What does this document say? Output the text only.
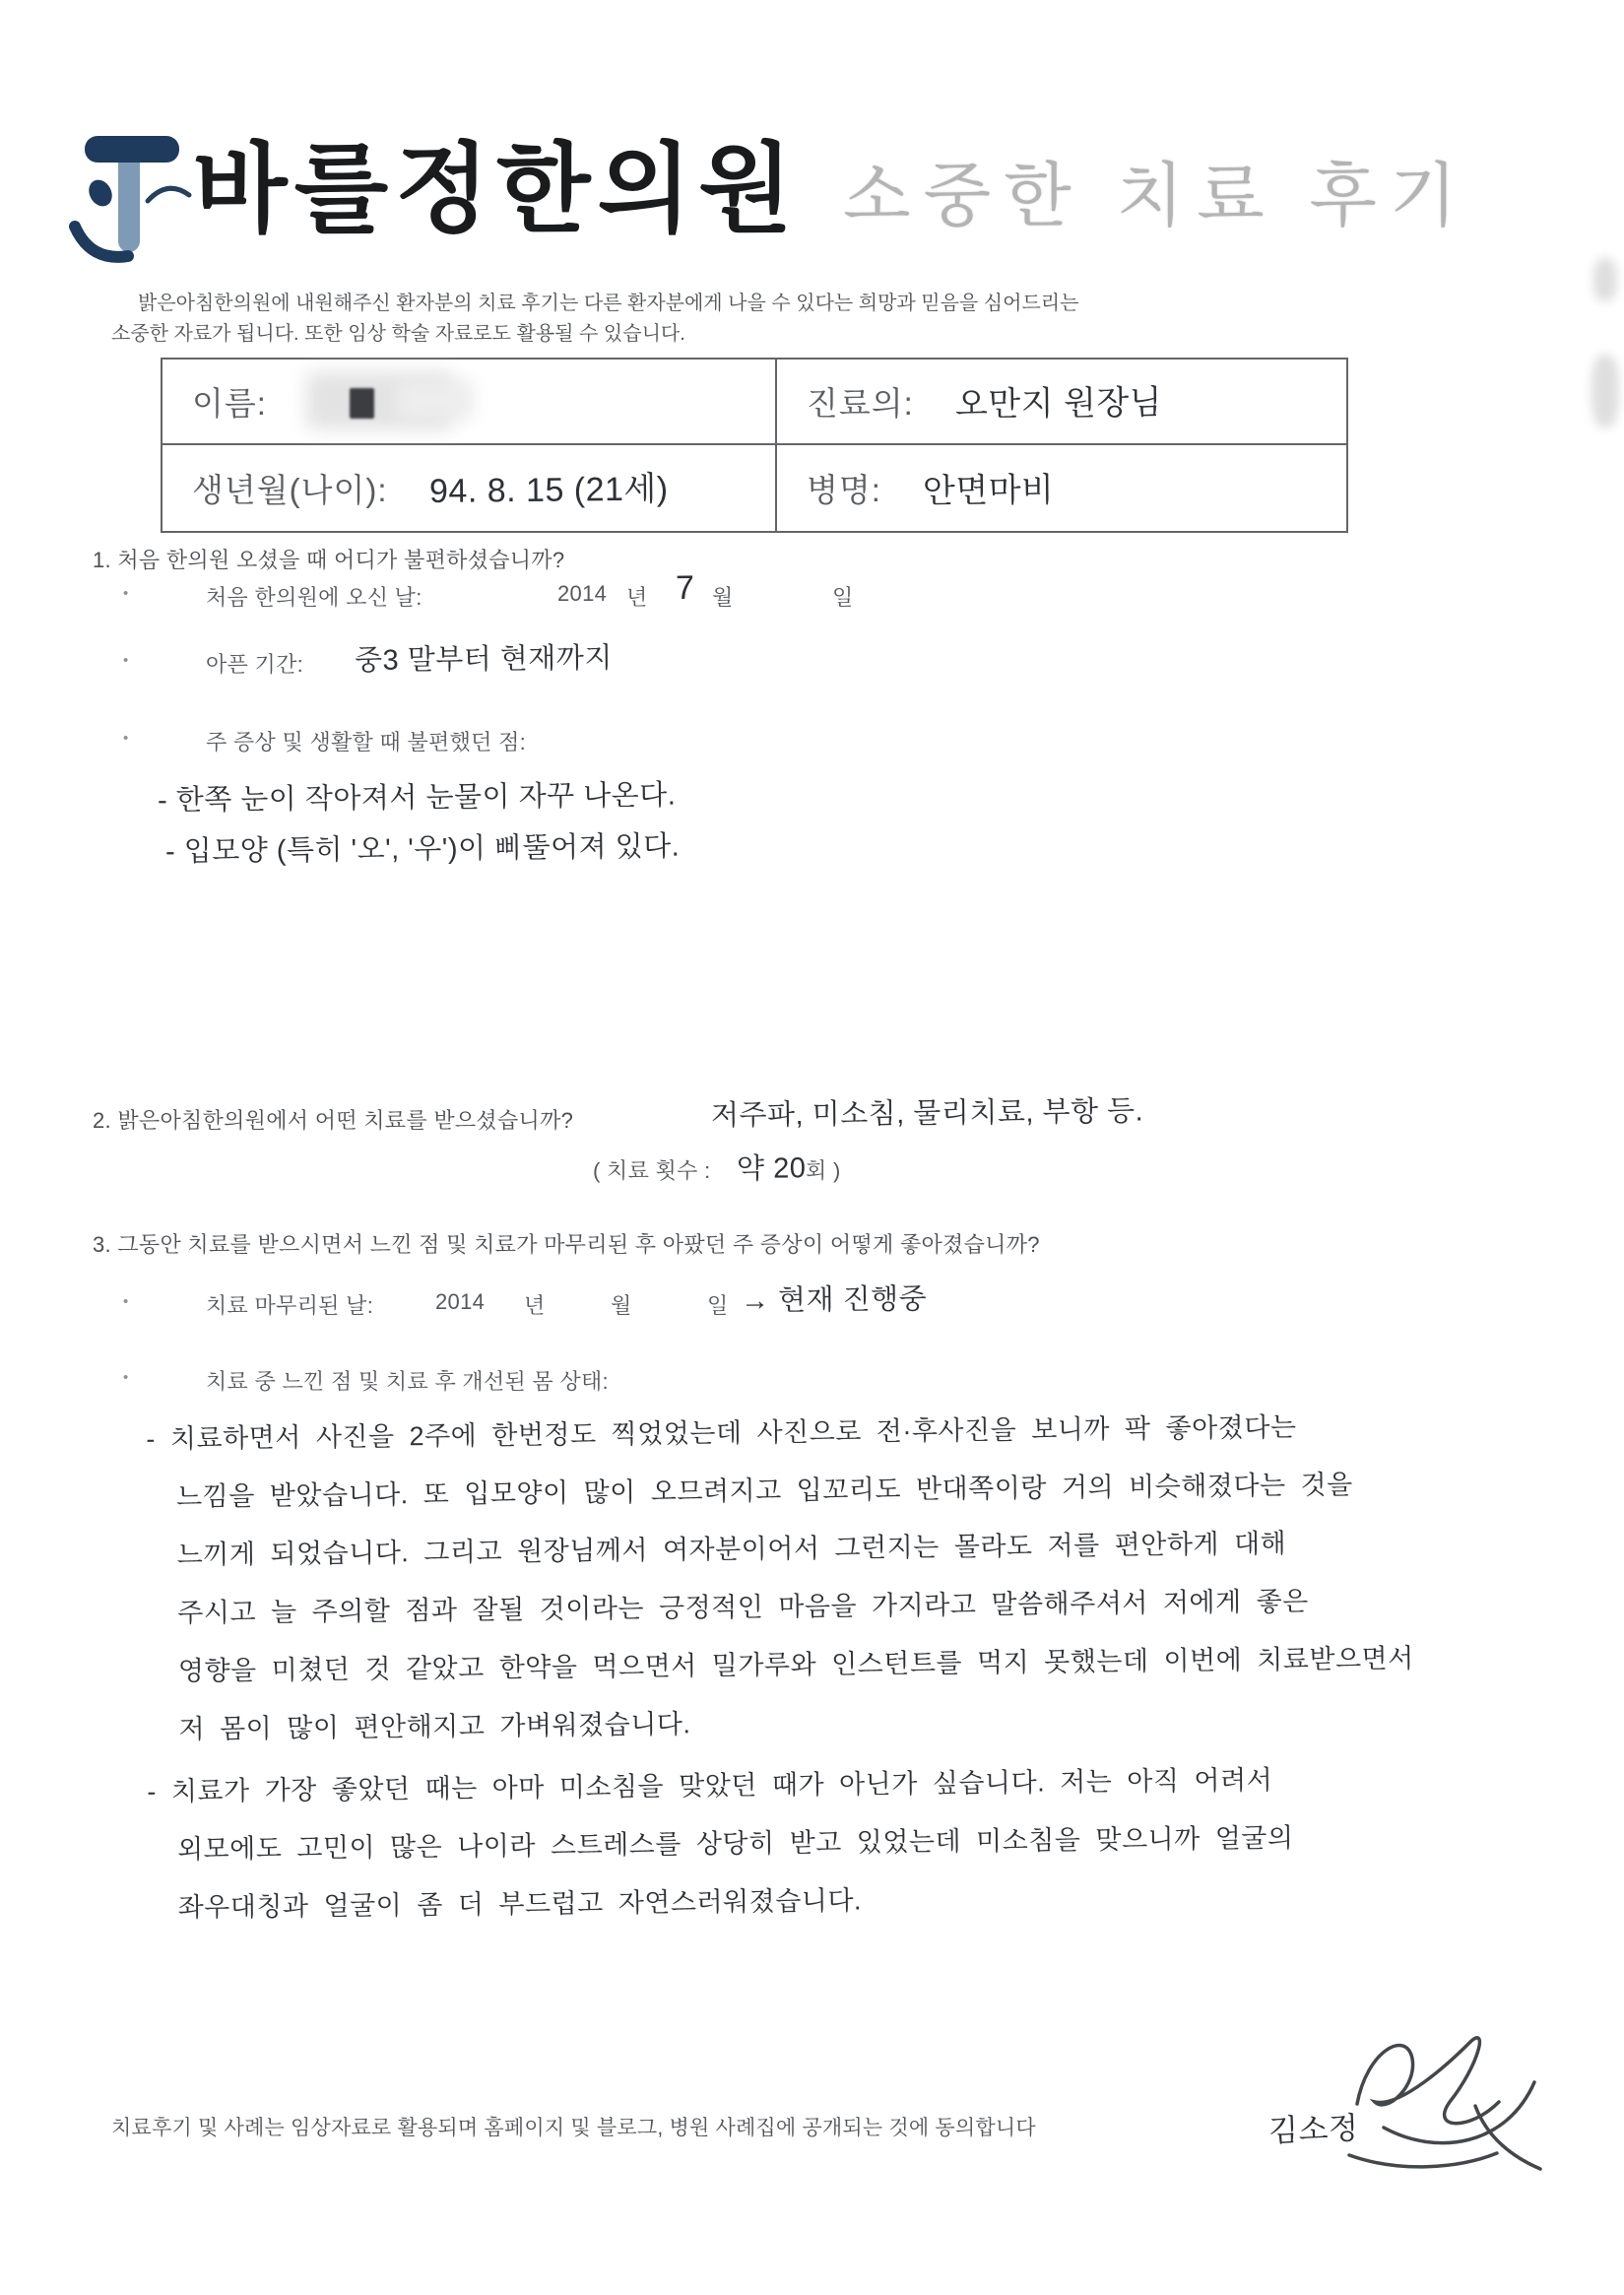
바를정한의원 소중한 치료 후기
밝은아침한의원에 내원해주신 환자분의 치료 후기는 다른 환자분에게 나을 수 있다는 희망과 믿음을 심어드리는
소중한 자료가 됩니다. 또한 임상 학술 자료로도 활용될 수 있습니다.
이름:	진료의: 오만지 원장님
생년월(나이): 94. 8. 15 (21세)	병명: 안면마비
1. 처음 한의원 오셨을 때 어디가 불편하셨습니까?
•	처음 한의원에 오신 날:	2014 년 7 월	일
•	아픈 기간: 중3 말부터 현재까지
•	주 증상 및 생활할 때 불편했던 점:
- 한쪽 눈이 작아져서 눈물이 자꾸 나온다.
- 입모양 (특히 '오', '우')이 삐뚤어져 있다.
2. 밝은아침한의원에서 어떤 치료를 받으셨습니까?	저주파, 미소침, 물리치료, 부항 등.
( 치료 횟수 : 약 20 회 )
3. 그동안 치료를 받으시면서 느낀 점 및 치료가 마무리된 후 아팠던 주 증상이 어떻게 좋아졌습니까?
•	치료 마무리된 날:	2014 년	월	일 → 현재 진행중
•	치료 중 느낀 점 및 치료 후 개선된 몸 상태:
- 치료하면서 사진을 2주에 한번정도 찍었었는데 사진으로 전·후사진을 보니까 팍 좋아졌다는
느낌을 받았습니다. 또 입모양이 많이 오므려지고 입꼬리도 반대쪽이랑 거의 비슷해졌다는 것을
느끼게 되었습니다. 그리고 원장님께서 여자분이어서 그런지는 몰라도 저를 편안하게 대해
주시고 늘 주의할 점과 잘될 것이라는 긍정적인 마음을 가지라고 말씀해주셔서 저에게 좋은
영향을 미쳤던 것 같았고 한약을 먹으면서 밀가루와 인스턴트를 먹지 못했는데 이번에 치료받으면서
저 몸이 많이 편안해지고 가벼워졌습니다.
- 치료가 가장 좋았던 때는 아마 미소침을 맞았던 때가 아닌가 싶습니다. 저는 아직 어려서
외모에도 고민이 많은 나이라 스트레스를 상당히 받고 있었는데 미소침을 맞으니까 얼굴의
좌우대칭과 얼굴이 좀 더 부드럽고 자연스러워졌습니다.
치료후기 및 사례는 임상자료로 활용되며 홈페이지 및 블로그, 병원 사례집에 공개되는 것에 동의합니다	김소정
